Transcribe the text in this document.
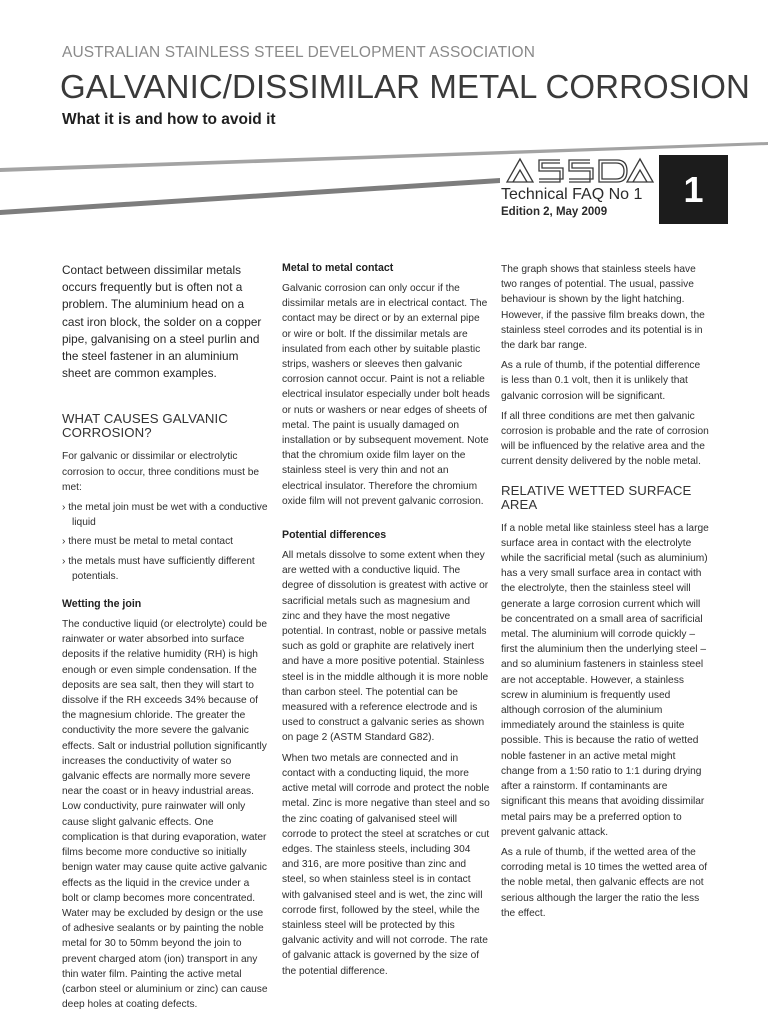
AUSTRALIAN STAINLESS STEEL DEVELOPMENT ASSOCIATION
GALVANIC/DISSIMILAR METAL CORROSION
What it is and how to avoid it
Technical FAQ No 1
Edition 2, May 2009
1

Contact between dissimilar metals occurs frequently but is often not a problem. The aluminium head on a cast iron block, the solder on a copper pipe, galvanising on a steel purlin and the steel fastener in an aluminium sheet are common examples.

WHAT CAUSES GALVANIC CORROSION?

For galvanic or dissimilar or electrolytic corrosion to occur, three conditions must be met:

› the metal join must be wet with a conductive liquid
› there must be metal to metal contact
› the metals must have sufficiently different potentials.
Wetting the join

The conductive liquid (or electrolyte) could be rainwater or water absorbed into surface deposits if the relative humidity (RH) is high enough or even simple condensation. If the deposits are sea salt, then they will start to dissolve if the RH exceeds 34% because of the magnesium chloride. The greater the conductivity the more severe the galvanic effects. Salt or industrial pollution significantly increases the conductivity of water so galvanic effects are normally more severe near the coast or in heavy industrial areas. Low conductivity, pure rainwater will only cause slight galvanic effects. One complication is that during evaporation, water films become more conductive so initially benign water may cause quite active galvanic effects as the liquid in the crevice under a bolt or clamp becomes more concentrated. Water may be excluded by design or the use of adhesive sealants or by painting the noble metal for 30 to 50mm beyond the join to prevent charged atom (ion) transport in any thin water film. Painting the active metal (carbon steel or aluminium or zinc) can cause deep holes at coating defects.

Metal to metal contact

Galvanic corrosion can only occur if the dissimilar metals are in electrical contact. The contact may be direct or by an external pipe or wire or bolt. If the dissimilar metals are insulated from each other by suitable plastic strips, washers or sleeves then galvanic corrosion cannot occur. Paint is not a reliable electrical insulator especially under bolt heads or nuts or washers or near edges of sheets of metal. The paint is usually damaged on installation or by subsequent movement. Note that the chromium oxide film layer on the stainless steel is very thin and not an electrical insulator. Therefore the chromium oxide film will not prevent galvanic corrosion.

Potential differences

All metals dissolve to some extent when they are wetted with a conductive liquid. The degree of dissolution is greatest with active or sacrificial metals such as magnesium and zinc and they have the most negative potential. In contrast, noble or passive metals such as gold or graphite are relatively inert and have a more positive potential. Stainless steel is in the middle although it is more noble than carbon steel. The potential can be measured with a reference electrode and is used to construct a galvanic series as shown on page 2 (ASTM Standard G82).

When two metals are connected and in contact with a conducting liquid, the more active metal will corrode and protect the noble metal. Zinc is more negative than steel and so the zinc coating of galvanised steel will corrode to protect the steel at scratches or cut edges. The stainless steels, including 304 and 316, are more positive than zinc and steel, so when stainless steel is in contact with galvanised steel and is wet, the zinc will corrode first, followed by the steel, while the stainless steel will be protected by this galvanic activity and will not corrode. The rate of galvanic attack is governed by the size of the potential difference.

The graph shows that stainless steels have two ranges of potential. The usual, passive behaviour is shown by the light hatching. However, if the passive film breaks down, the stainless steel corrodes and its potential is in the dark bar range.

As a rule of thumb, if the potential difference is less than 0.1 volt, then it is unlikely that galvanic corrosion will be significant.

If all three conditions are met then galvanic corrosion is probable and the rate of corrosion will be influenced by the relative area and the current density delivered by the noble metal.

RELATIVE WETTED SURFACE AREA

If a noble metal like stainless steel has a large surface area in contact with the electrolyte while the sacrificial metal (such as aluminium) has a very small surface area in contact with the electrolyte, then the stainless steel will generate a large corrosion current which will be concentrated on a small area of sacrificial metal. The aluminium will corrode quickly – first the aluminium then the underlying steel – and so aluminium fasteners in stainless steel are not acceptable. However, a stainless screw in aluminium is frequently used although corrosion of the aluminium immediately around the stainless is quite possible. This is because the ratio of wetted noble fastener in an active metal might change from a 1:50 ratio to 1:1 during drying after a rainstorm. If contaminants are significant this means that avoiding dissimilar metal pairs may be a preferred option to prevent galvanic attack.

As a rule of thumb, if the wetted area of the corroding metal is 10 times the wetted area of the noble metal, then galvanic effects are not serious although the larger the ratio the less the effect.
